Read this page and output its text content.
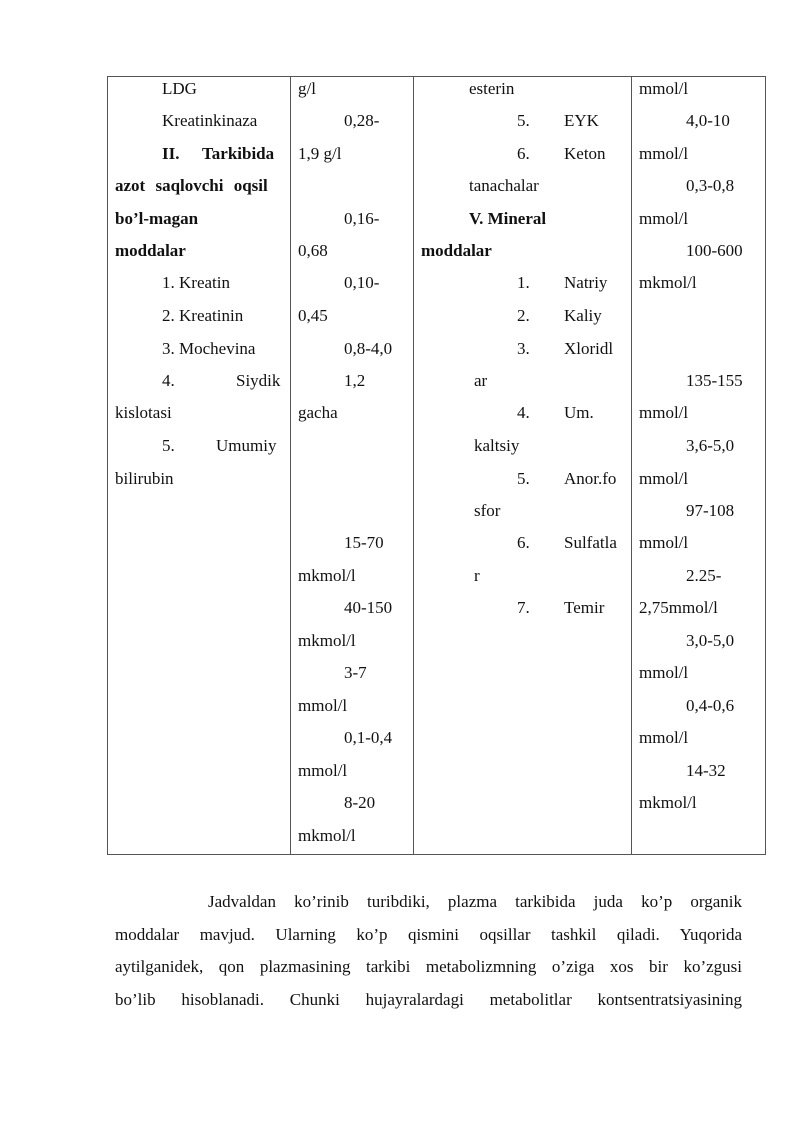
LDG
Kreatinkinaza
II. Tarkibida
azot saqlovchi oqsil
bo’l-magan
moddalar
1. Kreatin
2. Kreatinin
3. Mochevina
4.	Siydik
kislotasi
5. Umumiy
bilirubin
g/l
0,28-
1,9 g/l
0,16-
0,68
0,10-
0,45
0,8-4,0
1,2
gacha
15-70
mkmol/l
40-150
mkmol/l
3-7
mmol/l
0,1-0,4
mmol/l
8-20
mkmol/l
esterin
5. EYK
6. Keton
tanachalar
V. Mineral
moddalar
1. Natriy
2. Kaliy
3. Xloridl
ar
4. Um.
kaltsiy
5. Anor.fo
sfor
6. Sulfatla
r
7. Temir
mmol/l
4,0-10
mmol/l
0,3-0,8
mmol/l
100-600
mkmol/l
135-155
mmol/l
3,6-5,0
mmol/l
97-108
mmol/l
2.25-
2,75mmol/l
3,0-5,0
mmol/l
0,4-0,6
mmol/l
14-32
mkmol/l
Jadvaldan ko’rinib turibdiki, plazma tarkibida juda ko’p organik
moddalar mavjud. Ularning ko’p qismini oqsillar tashkil qiladi. Yuqorida
aytilganidek, qon plazmasining tarkibi metabolizmning o’ziga xos bir ko’zgusi
bo’lib hisoblanadi. Chunki hujayralardagi metabolitlar kontsentratsiyasining
